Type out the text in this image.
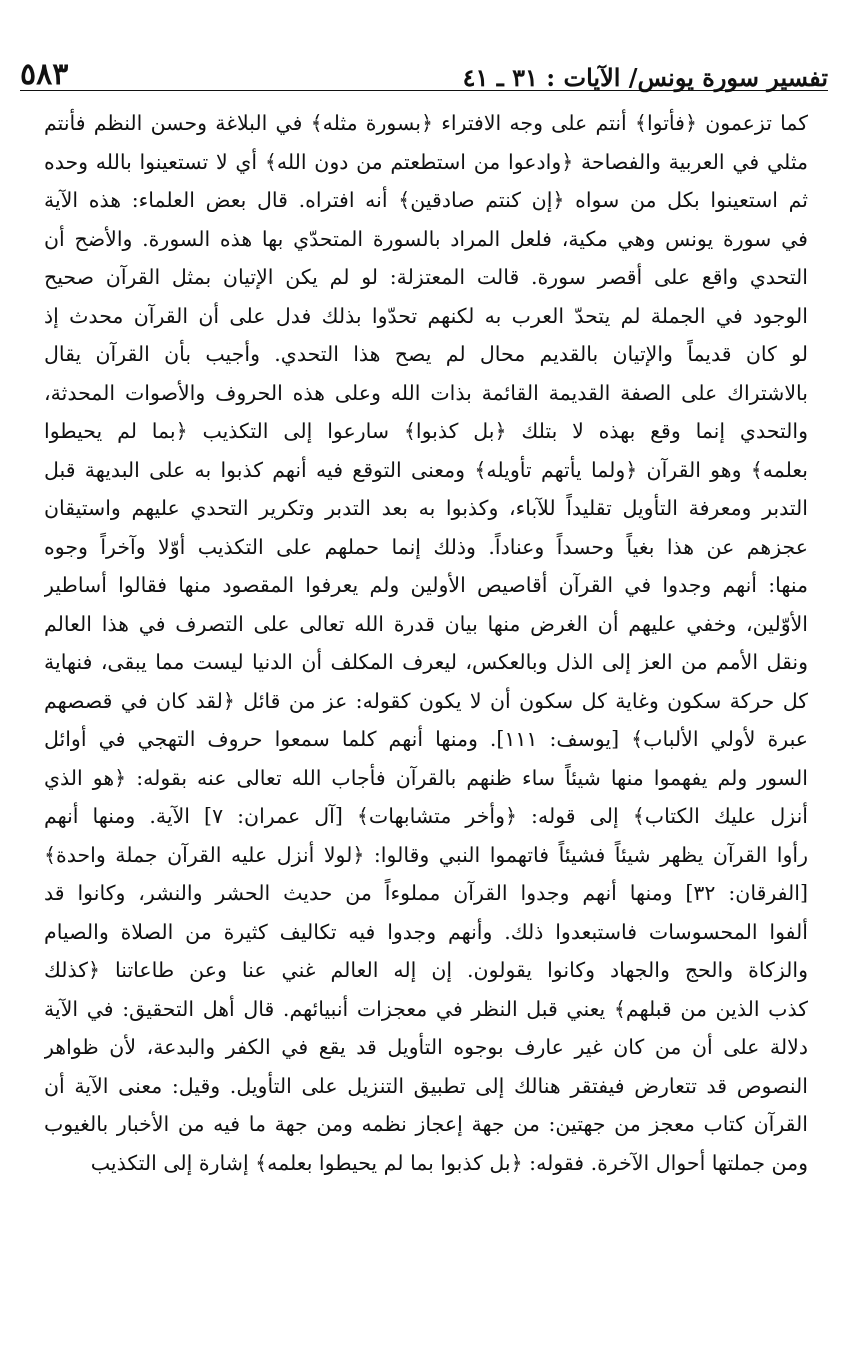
٥٨٣	تفسير سورة يونس/ الآيات : ٣١ ـ ٤١
كما تزعمون ﴿فأتوا﴾ أنتم على وجه الافتراء ﴿بسورة مثله﴾ في البلاغة وحسن النظم فأنتم
مثلي في العربية والفصاحة ﴿وادعوا من استطعتم من دون الله﴾ أي لا تستعينوا بالله وحده
ثم استعينوا بكل من سواه ﴿إن كنتم صادقين﴾ أنه افتراه. قال بعض العلماء: هذه الآية
في سورة يونس وهي مكية، فلعل المراد بالسورة المتحدّي بها هذه السورة. والأضح أن
التحدي واقع على أقصر سورة. قالت المعتزلة: لو لم يكن الإتيان بمثل القرآن صحيح
الوجود في الجملة لم يتحدّ العرب به لكنهم تحدّوا بذلك فدل على أن القرآن محدث إذ
لو كان قديماً والإتيان بالقديم محال لم يصح هذا التحدي. وأجيب بأن القرآن يقال
بالاشتراك على الصفة القديمة القائمة بذات الله وعلى هذه الحروف والأصوات المحدثة،
والتحدي إنما وقع بهذه لا بتلك ﴿بل كذبوا﴾ سارعوا إلى التكذيب ﴿بما لم يحيطوا
بعلمه﴾ وهو القرآن ﴿ولما يأتهم تأويله﴾ ومعنى التوقع فيه أنهم كذبوا به على البديهة قبل
التدبر ومعرفة التأويل تقليداً للآباء، وكذبوا به بعد التدبر وتكرير التحدي عليهم واستيقان
عجزهم عن هذا بغياً وحسداً وعناداً. وذلك إنما حملهم على التكذيب أوّلا وآخراً وجوه
منها: أنهم وجدوا في القرآن أقاصيص الأولين ولم يعرفوا المقصود منها فقالوا أساطير
الأوّلين، وخفي عليهم أن الغرض منها بيان قدرة الله تعالى على التصرف في هذا العالم
ونقل الأمم من العز إلى الذل وبالعكس، ليعرف المكلف أن الدنيا ليست مما يبقى، فنهاية
كل حركة سكون وغاية كل سكون أن لا يكون كقوله: عز من قائل ﴿لقد كان في قصصهم
عبرة لأولي الألباب﴾ [يوسف: ١١١]. ومنها أنهم كلما سمعوا حروف التهجي في أوائل
السور ولم يفهموا منها شيئاً ساء ظنهم بالقرآن فأجاب الله تعالى عنه بقوله: ﴿هو الذي
أنزل عليك الكتاب﴾ إلى قوله: ﴿وأخر متشابهات﴾ [آل عمران: ٧] الآية. ومنها أنهم
رأوا القرآن يظهر شيئاً فشيئاً فاتهموا النبي وقالوا: ﴿لولا أنزل عليه القرآن جملة واحدة﴾
[الفرقان: ٣٢] ومنها أنهم وجدوا القرآن مملوءاً من حديث الحشر والنشر، وكانوا قد
ألفوا المحسوسات فاستبعدوا ذلك. وأنهم وجدوا فيه تكاليف كثيرة من الصلاة والصيام
والزكاة والحج والجهاد وكانوا يقولون. إن إله العالم غني عنا وعن طاعاتنا ﴿كذلك
كذب الذين من قبلهم﴾ يعني قبل النظر في معجزات أنبيائهم. قال أهل التحقيق: في الآية
دلالة على أن من كان غير عارف بوجوه التأويل قد يقع في الكفر والبدعة، لأن ظواهر
النصوص قد تتعارض فيفتقر هنالك إلى تطبيق التنزيل على التأويل. وقيل: معنى الآية أن
القرآن كتاب معجز من جهتين: من جهة إعجاز نظمه ومن جهة ما فيه من الأخبار بالغيوب
ومن جملتها أحوال الآخرة. فقوله: ﴿بل كذبوا بما لم يحيطوا بعلمه﴾ إشارة إلى التكذيب
